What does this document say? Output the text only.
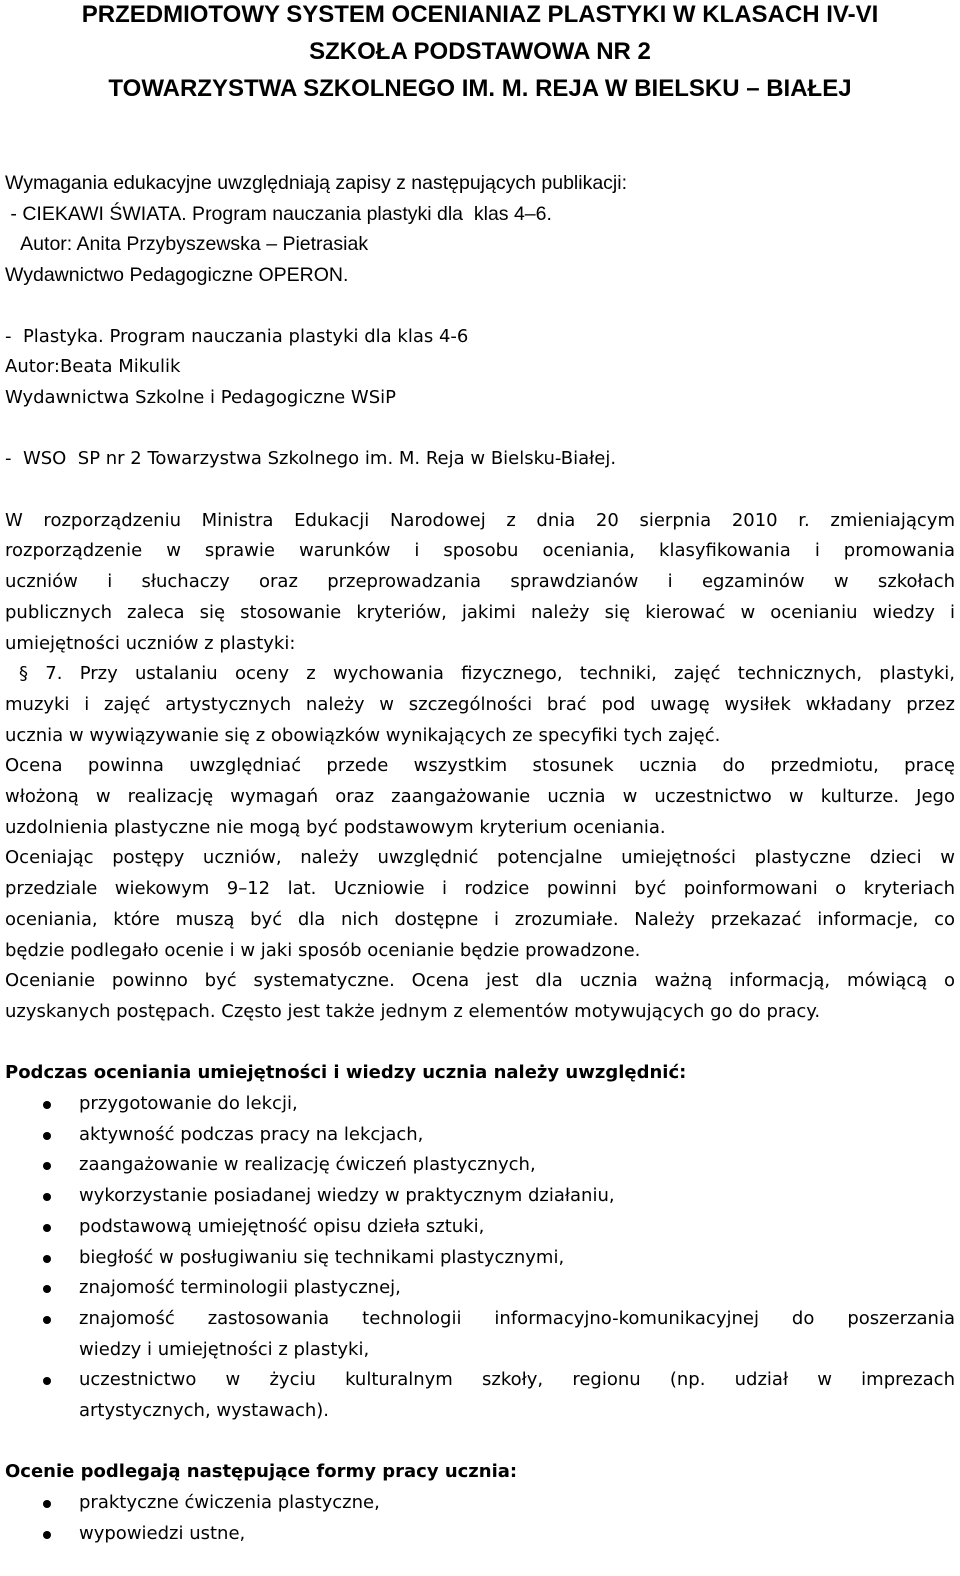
PRZEDMIOTOWY SYSTEM OCENIANIAZ PLASTYKI W KLASACH IV-VI
SZKOŁA PODSTAWOWA NR 2
TOWARZYSTWA SZKOLNEGO IM. M. REJA W BIELSKU – BIAŁEJ
Wymagania edukacyjne uwzględniają zapisy z następujących publikacji:
- CIEKAWI ŚWIATA. Program nauczania plastyki dla  klas 4–6.
Autor: Anita Przybyszewska – Pietrasiak
Wydawnictwo Pedagogiczne OPERON.
-  Plastyka. Program nauczania plastyki dla klas 4-6
Autor:Beata Mikulik
Wydawnictwa Szkolne i Pedagogiczne WSiP
-  WSO  SP nr 2 Towarzystwa Szkolnego im. M. Reja w Bielsku-Białej.
W rozporządzeniu Ministra Edukacji Narodowej z dnia 20 sierpnia 2010 r. zmieniającym
rozporządzenie w sprawie warunków i sposobu oceniania, klasyfikowania i promowania
uczniów i słuchaczy oraz przeprowadzania sprawdzianów i egzaminów w szkołach
publicznych zaleca się stosowanie kryteriów, jakimi należy się kierować w ocenianiu wiedzy i
umiejętności uczniów z plastyki:
§ 7. Przy ustalaniu oceny z wychowania fizycznego, techniki, zajęć technicznych, plastyki,
muzyki i zajęć artystycznych należy w szczególności brać pod uwagę wysiłek wkładany przez
ucznia w wywiązywanie się z obowiązków wynikających ze specyfiki tych zajęć.
Ocena powinna uwzględniać przede wszystkim stosunek ucznia do przedmiotu, pracę
włożoną w realizację wymagań oraz zaangażowanie ucznia w uczestnictwo w kulturze. Jego
uzdolnienia plastyczne nie mogą być podstawowym kryterium oceniania.
Oceniając postępy uczniów, należy uwzględnić potencjalne umiejętności plastyczne dzieci w
przedziale wiekowym 9–12 lat. Uczniowie i rodzice powinni być poinformowani o kryteriach
oceniania, które muszą być dla nich dostępne i zrozumiałe. Należy przekazać informacje, co
będzie podlegało ocenie i w jaki sposób ocenianie będzie prowadzone.
Ocenianie powinno być systematyczne. Ocena jest dla ucznia ważną informacją, mówiącą o
uzyskanych postępach. Często jest także jednym z elementów motywujących go do pracy.
Podczas oceniania umiejętności i wiedzy ucznia należy uwzględnić:
przygotowanie do lekcji,
aktywność podczas pracy na lekcjach,
zaangażowanie w realizację ćwiczeń plastycznych,
wykorzystanie posiadanej wiedzy w praktycznym działaniu,
podstawową umiejętność opisu dzieła sztuki,
biegłość w posługiwaniu się technikami plastycznymi,
znajomość terminologii plastycznej,
znajomość zastosowania technologii informacyjno-komunikacyjnej do poszerzania
wiedzy i umiejętności z plastyki,
uczestnictwo w życiu kulturalnym szkoły, regionu (np. udział w imprezach
artystycznych, wystawach).
Ocenie podlegają następujące formy pracy ucznia:
praktyczne ćwiczenia plastyczne,
wypowiedzi ustne,
